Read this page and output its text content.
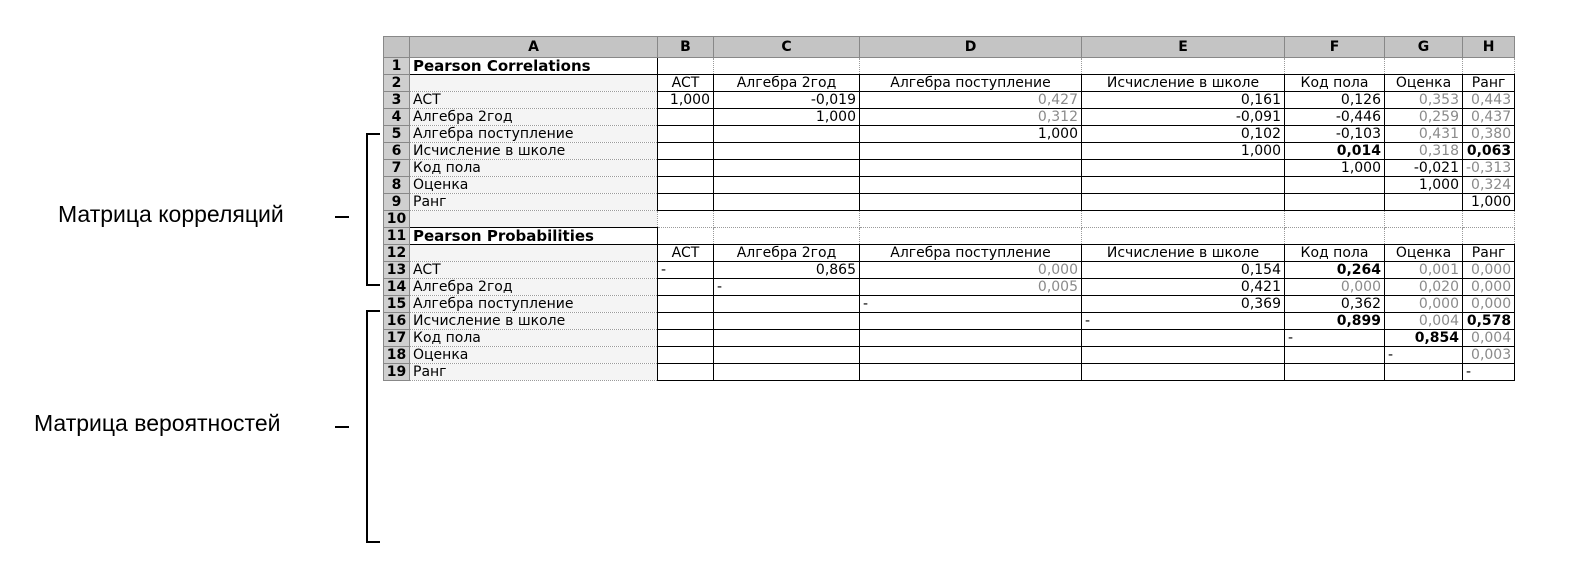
Матрица корреляций
Матрица вероятностей
	A	B	C	D	E	F	G	H
1	Pearson Correlations							
2		ACT	Алгебра 2год	Алгебра поступление	Исчисление в школе	Код пола	Оценка	Ранг
3	ACT	1,000	-0,019	0,427	0,161	0,126	0,353	0,443
4	Алгебра 2год		1,000	0,312	-0,091	-0,446	0,259	0,437
5	Алгебра поступление			1,000	0,102	-0,103	0,431	0,380
6	Исчисление в школе				1,000	0,014	0,318	0,063
7	Код пола					1,000	-0,021	-0,313
8	Оценка						1,000	0,324
9	Ранг							1,000
10								
11	Pearson Probabilities							
12		ACT	Алгебра 2год	Алгебра поступление	Исчисление в школе	Код пола	Оценка	Ранг
13	ACT	-	0,865	0,000	0,154	0,264	0,001	0,000
14	Алгебра 2год		-	0,005	0,421	0,000	0,020	0,000
15	Алгебра поступление			-	0,369	0,362	0,000	0,000
16	Исчисление в школе				-	0,899	0,004	0,578
17	Код пола					-	0,854	0,004
18	Оценка						-	0,003
19	Ранг							-
